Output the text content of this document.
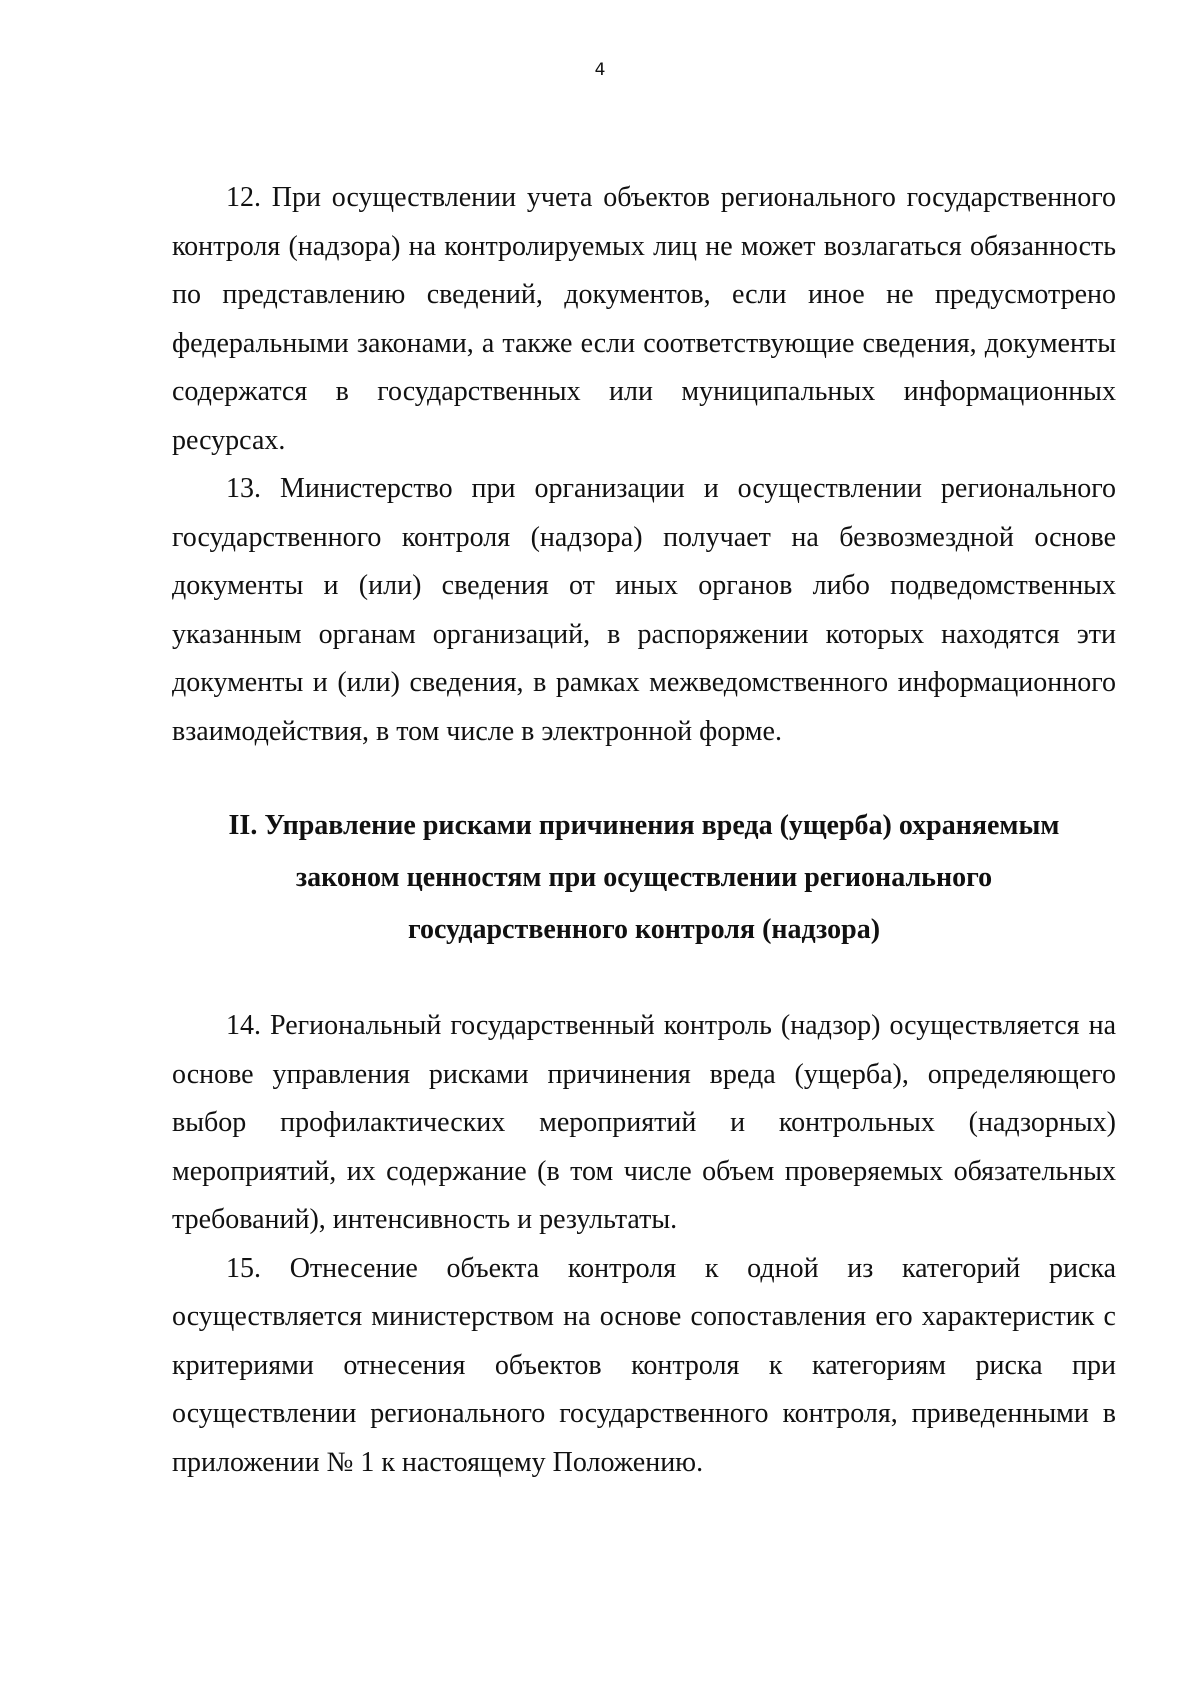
4

12. При осуществлении учета объектов регионального государственного контроля (надзора) на контролируемых лиц не может возлагаться обязанность по представлению сведений, документов, если иное не предусмотрено федеральными законами, а также если соответствующие сведения, документы содержатся в государственных или муниципальных информационных ресурсах.

13. Министерство при организации и осуществлении регионального государственного контроля (надзора) получает на безвозмездной основе документы и (или) сведения от иных органов либо подведомственных указанным органам организаций, в распоряжении которых находятся эти документы и (или) сведения, в рамках межведомственного информационного взаимодействия, в том числе в электронной форме.

II. Управление рисками причинения вреда (ущерба) охраняемым
законом ценностям при осуществлении регионального
государственного контроля (надзора)

14. Региональный государственный контроль (надзор) осуществляется на основе управления рисками причинения вреда (ущерба), определяющего выбор профилактических мероприятий и контрольных (надзорных) мероприятий, их содержание (в том числе объем проверяемых обязательных требований), интенсивность и результаты.

15. Отнесение объекта контроля к одной из категорий риска осуществляется министерством на основе сопоставления его характеристик с критериями отнесения объектов контроля к категориям риска при осуществлении регионального государственного контроля, приведенными в приложении № 1 к настоящему Положению.
